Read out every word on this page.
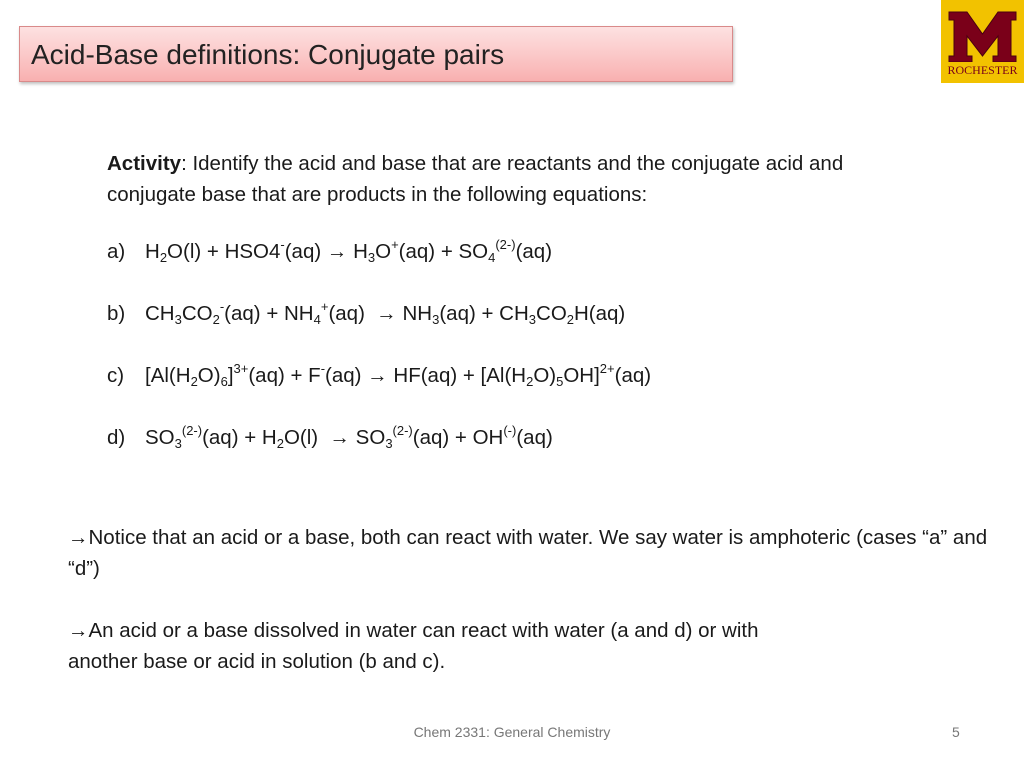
Acid-Base definitions: Conjugate pairs	ROCHESTER
Activity: Identify the acid and base that are reactants and the conjugate acid and conjugate base that are products in the following equations:
a) $H_2O(l) + HSO4^-(aq) \to H_3O^+(aq) + SO_4^{(2-)}(aq)$
b) $CH_3CO_2^-(aq) + NH_4^+(aq) \to NH_3(aq) + CH_3CO_2H(aq)$
c) $[Al(H_2O)_6]^{3+}(aq) + F^-(aq) \to HF(aq) + [Al(H_2O)_5OH]^{2+}(aq)$
d) $SO_3^{(2-)}(aq) + H_2O(l) \to SO_3^{(2-)}(aq) + OH^{(-)}(aq)$
→Notice that an acid or a base, both can react with water. We say water is amphoteric (cases “a” and “d”)
→An acid or a base dissolved in water can react with water (a and d) or with another base or acid in solution (b and c).
Chem 2331: General Chemistry	5
